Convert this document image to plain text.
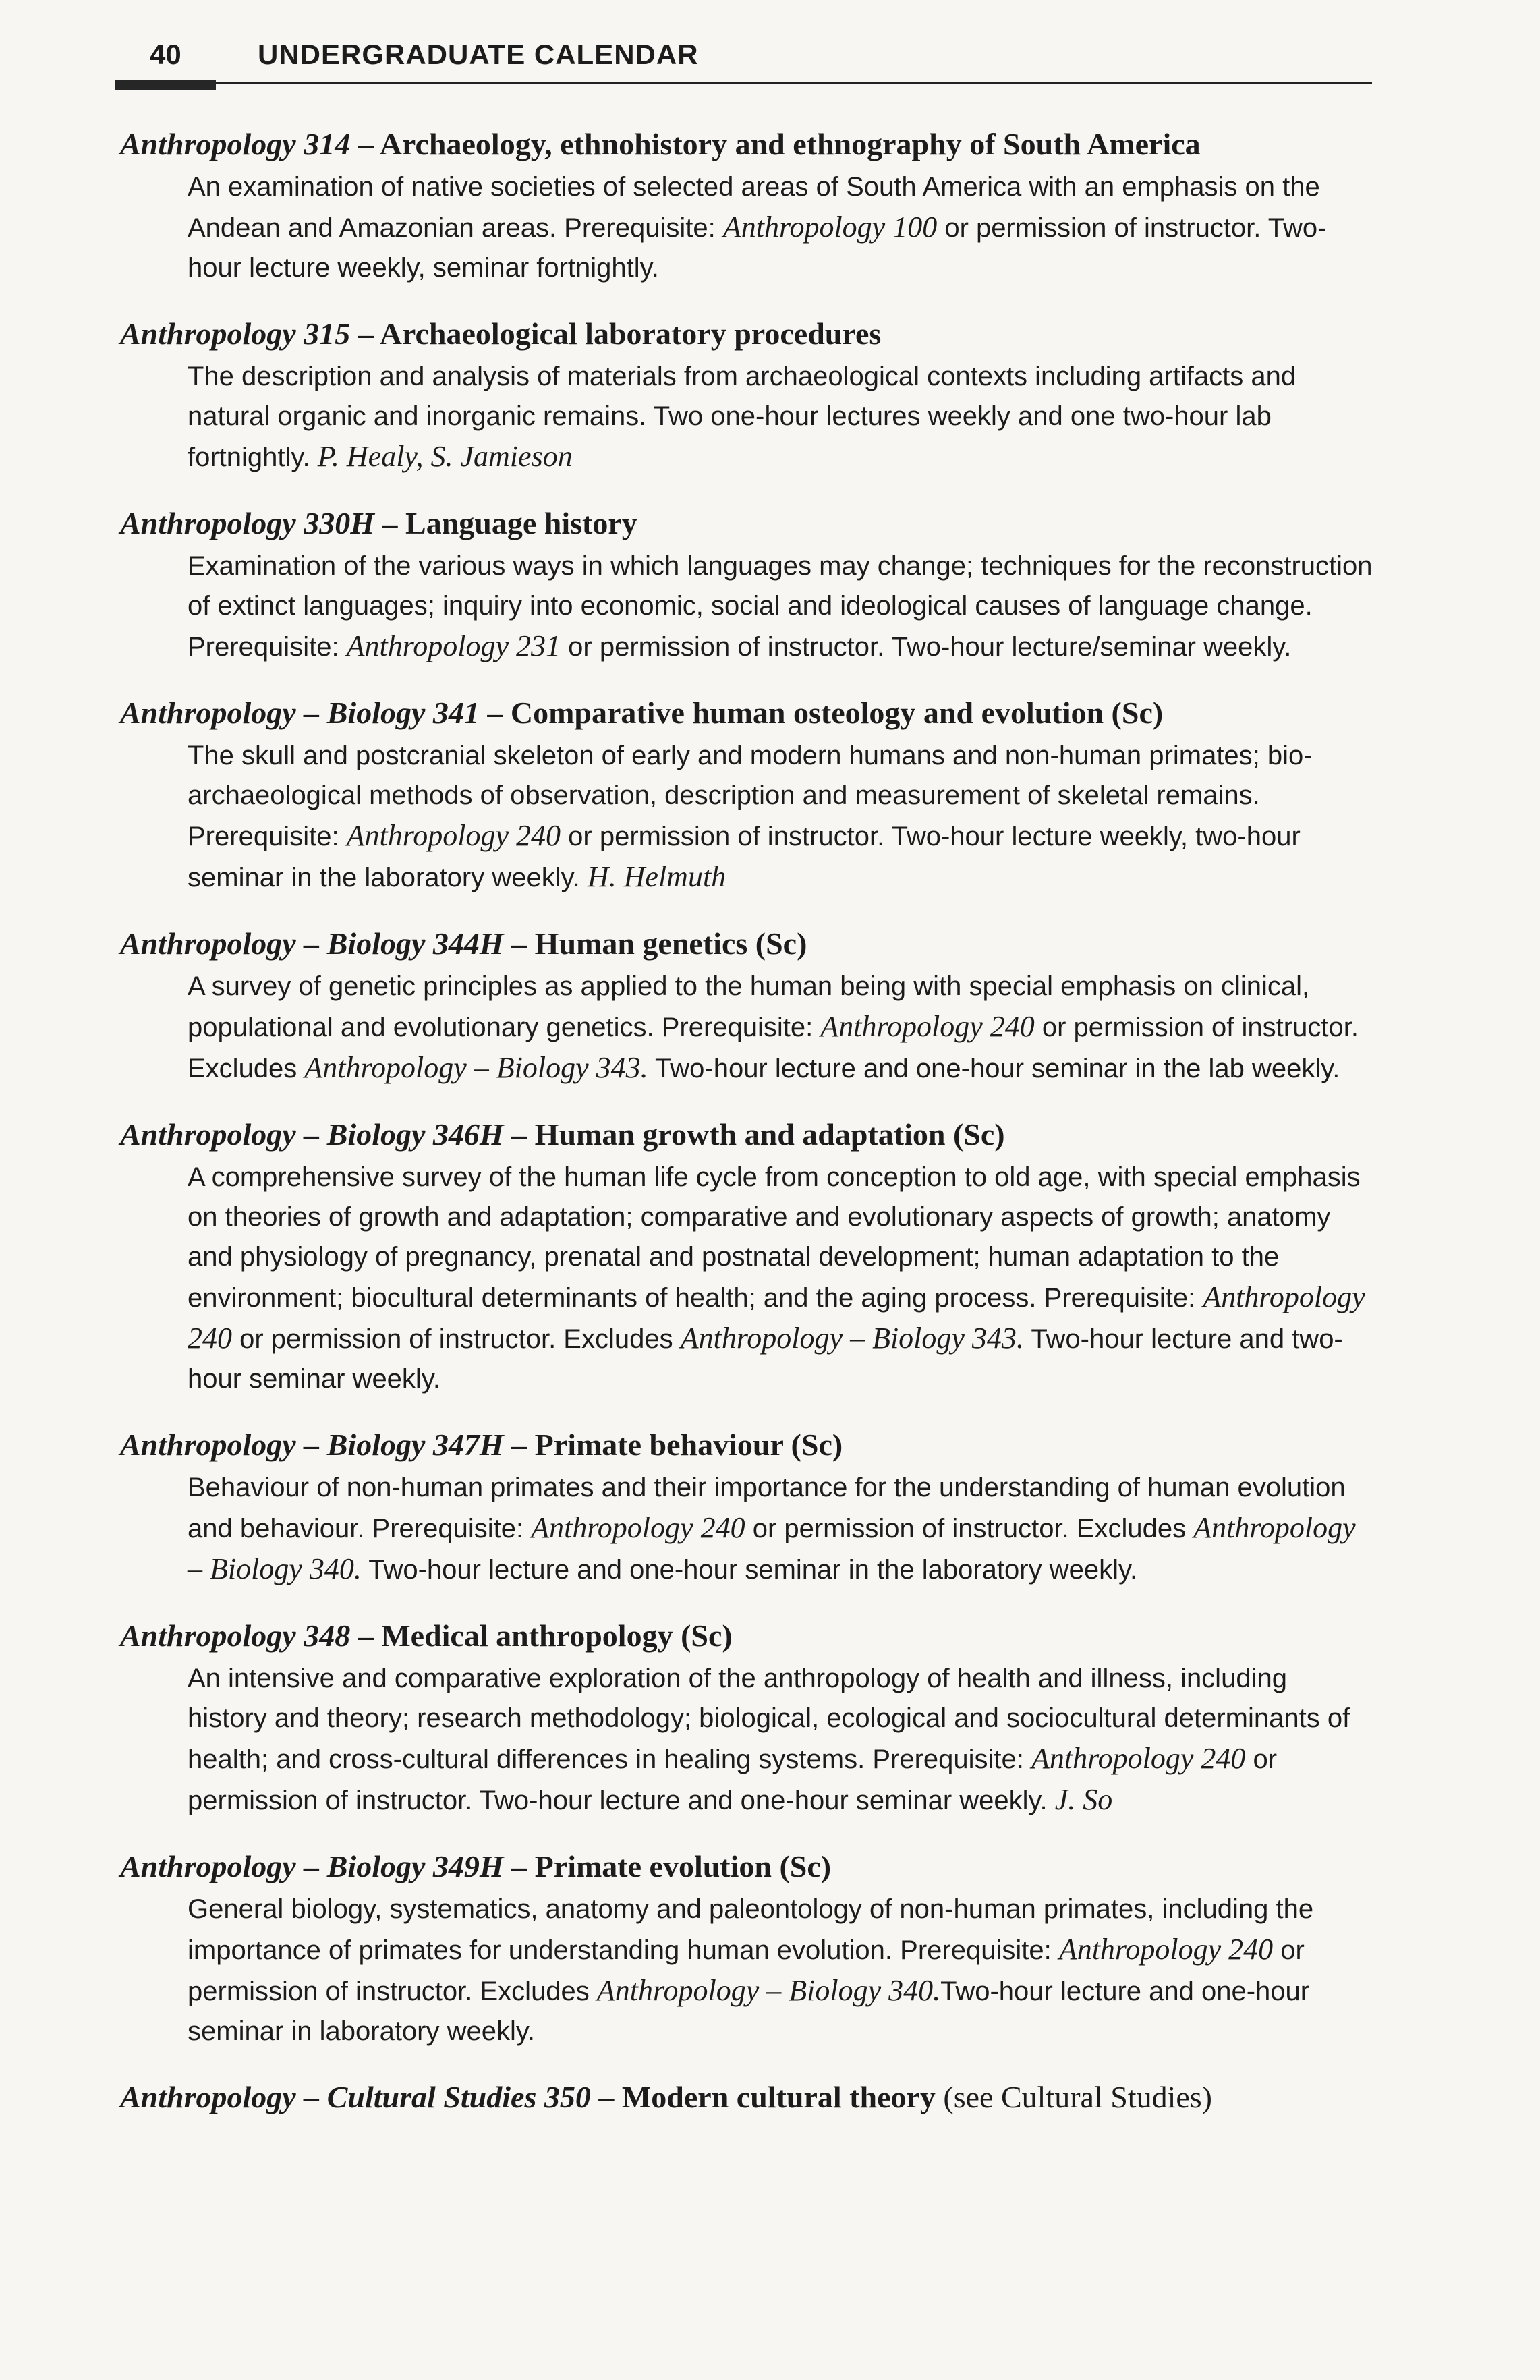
40	UNDERGRADUATE CALENDAR
Anthropology 314 – Archaeology, ethnohistory and ethnography of South America
An examination of native societies of selected areas of South America with an emphasis on the Andean and Amazonian areas. Prerequisite: Anthropology 100 or permission of instructor. Two-hour lecture weekly, seminar fortnightly.
Anthropology 315 – Archaeological laboratory procedures
The description and analysis of materials from archaeological contexts including artifacts and natural organic and inorganic remains. Two one-hour lectures weekly and one two-hour lab fortnightly. P. Healy, S. Jamieson
Anthropology 330H – Language history
Examination of the various ways in which languages may change; techniques for the reconstruction of extinct languages; inquiry into economic, social and ideological causes of language change. Prerequisite: Anthropology 231 or permission of instructor. Two-hour lecture/seminar weekly.
Anthropology – Biology 341 – Comparative human osteology and evolution (Sc)
The skull and postcranial skeleton of early and modern humans and non-human primates; bio-archaeological methods of observation, description and measurement of skeletal remains. Prerequisite: Anthropology 240 or permission of instructor. Two-hour lecture weekly, two-hour seminar in the laboratory weekly. H. Helmuth
Anthropology – Biology 344H – Human genetics (Sc)
A survey of genetic principles as applied to the human being with special emphasis on clinical, populational and evolutionary genetics. Prerequisite: Anthropology 240 or permission of instructor. Excludes Anthropology – Biology 343. Two-hour lecture and one-hour seminar in the lab weekly.
Anthropology – Biology 346H – Human growth and adaptation (Sc)
A comprehensive survey of the human life cycle from conception to old age, with special emphasis on theories of growth and adaptation; comparative and evolutionary aspects of growth; anatomy and physiology of pregnancy, prenatal and postnatal development; human adaptation to the environment; biocultural determinants of health; and the aging process. Prerequisite: Anthropology 240 or permission of instructor. Excludes Anthropology – Biology 343. Two-hour lecture and two-hour seminar weekly.
Anthropology – Biology 347H – Primate behaviour (Sc)
Behaviour of non-human primates and their importance for the understanding of human evolution and behaviour. Prerequisite: Anthropology 240 or permission of instructor. Excludes Anthropology – Biology 340. Two-hour lecture and one-hour seminar in the laboratory weekly.
Anthropology 348 – Medical anthropology (Sc)
An intensive and comparative exploration of the anthropology of health and illness, including history and theory; research methodology; biological, ecological and sociocultural determinants of health; and cross-cultural differences in healing systems. Prerequisite: Anthropology 240 or permission of instructor. Two-hour lecture and one-hour seminar weekly. J. So
Anthropology – Biology 349H – Primate evolution (Sc)
General biology, systematics, anatomy and paleontology of non-human primates, including the importance of primates for understanding human evolution. Prerequisite: Anthropology 240 or permission of instructor. Excludes Anthropology – Biology 340.Two-hour lecture and one-hour seminar in laboratory weekly.
Anthropology – Cultural Studies 350 – Modern cultural theory (see Cultural Studies)
